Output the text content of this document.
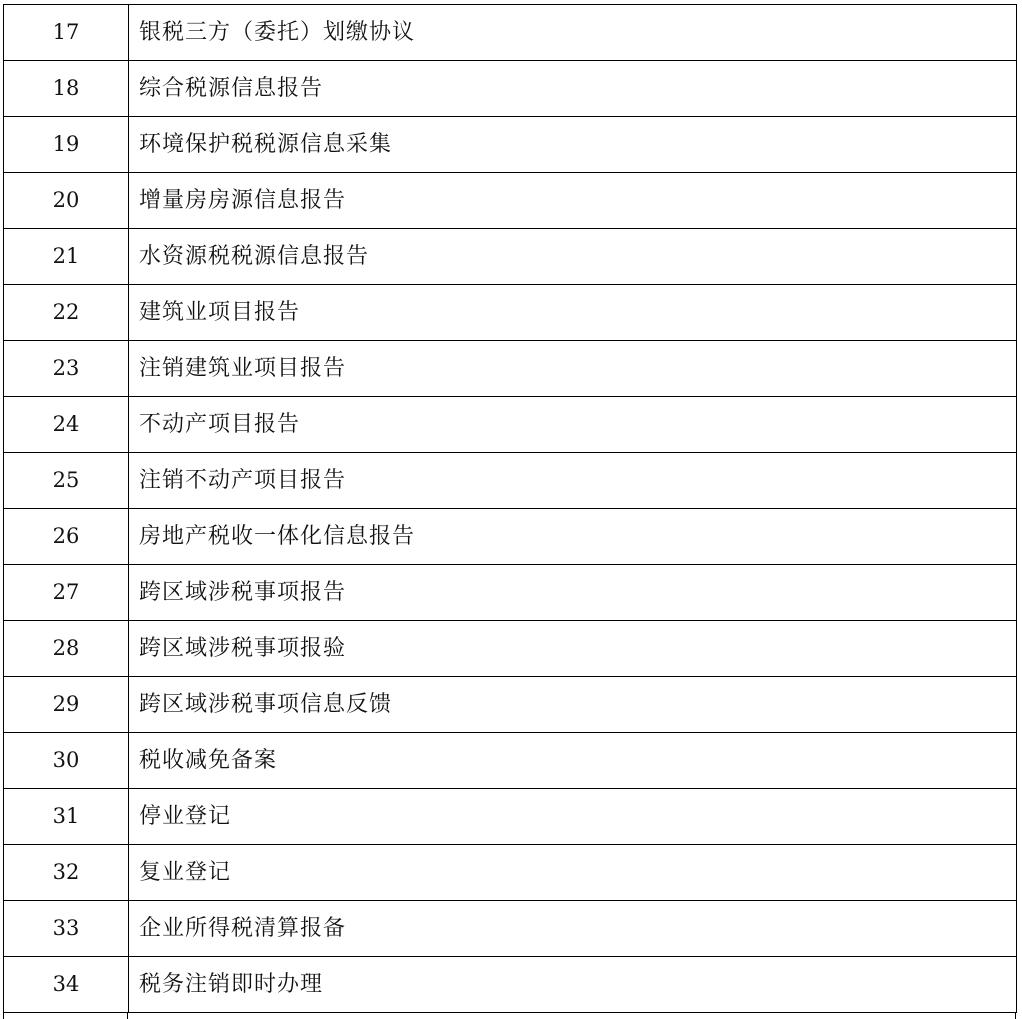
17	银税三方（委托）划缴协议
18	综合税源信息报告
19	环境保护税税源信息采集
20	增量房房源信息报告
21	水资源税税源信息报告
22	建筑业项目报告
23	注销建筑业项目报告
24	不动产项目报告
25	注销不动产项目报告
26	房地产税收一体化信息报告
27	跨区域涉税事项报告
28	跨区域涉税事项报验
29	跨区域涉税事项信息反馈
30	税收减免备案
31	停业登记
32	复业登记
33	企业所得税清算报备
34	税务注销即时办理
